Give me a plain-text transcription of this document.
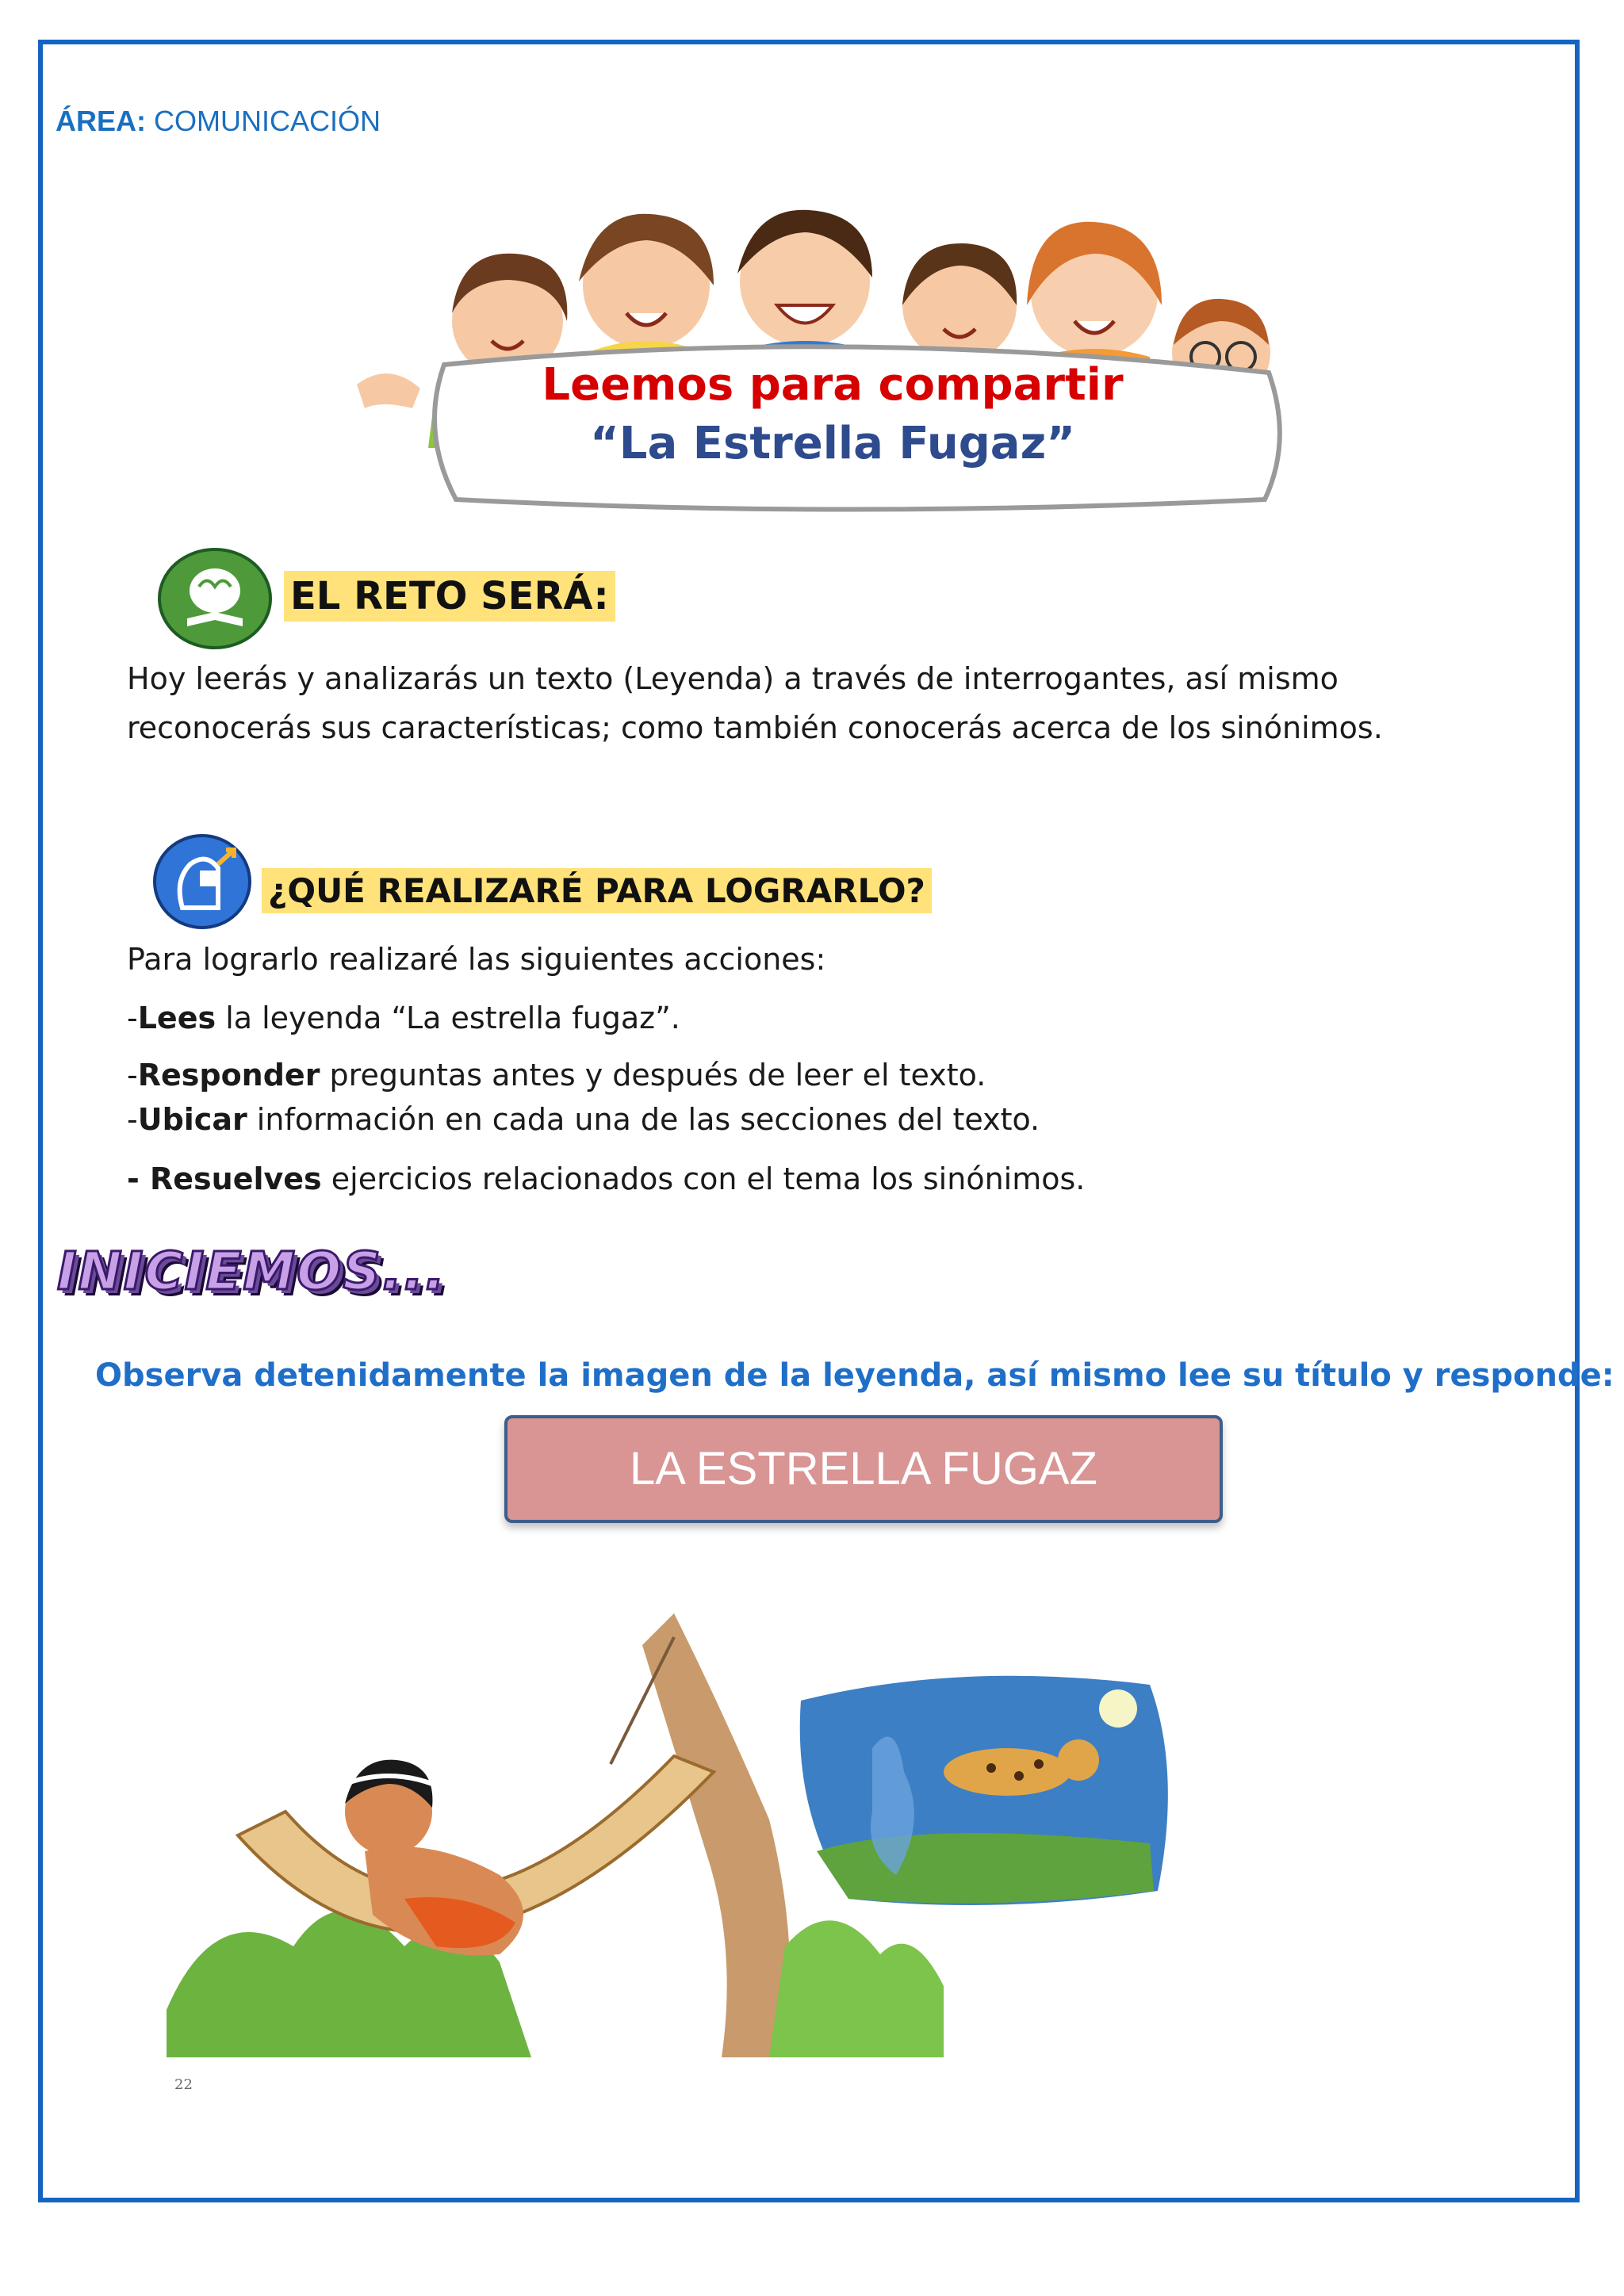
ÁREA: COMUNICACIÓN
Leemos para compartir
“La Estrella Fugaz”
EL RETO SERÁ:
Hoy leerás y analizarás un texto (Leyenda) a través de interrogantes, así mismo
reconocerás sus características; como también conocerás acerca de los sinónimos.
¿QUÉ REALIZARÉ PARA LOGRARLO?
Para lograrlo realizaré las siguientes acciones:
-Lees la leyenda “La estrella fugaz”.
-Responder preguntas antes y después de leer el texto.
-Ubicar información en cada una de las secciones del texto.
- Resuelves ejercicios relacionados con el tema los sinónimos.
INICIEMOS...
Observa detenidamente la imagen de la leyenda, así mismo lee su título y responde:
LA ESTRELLA FUGAZ
22
